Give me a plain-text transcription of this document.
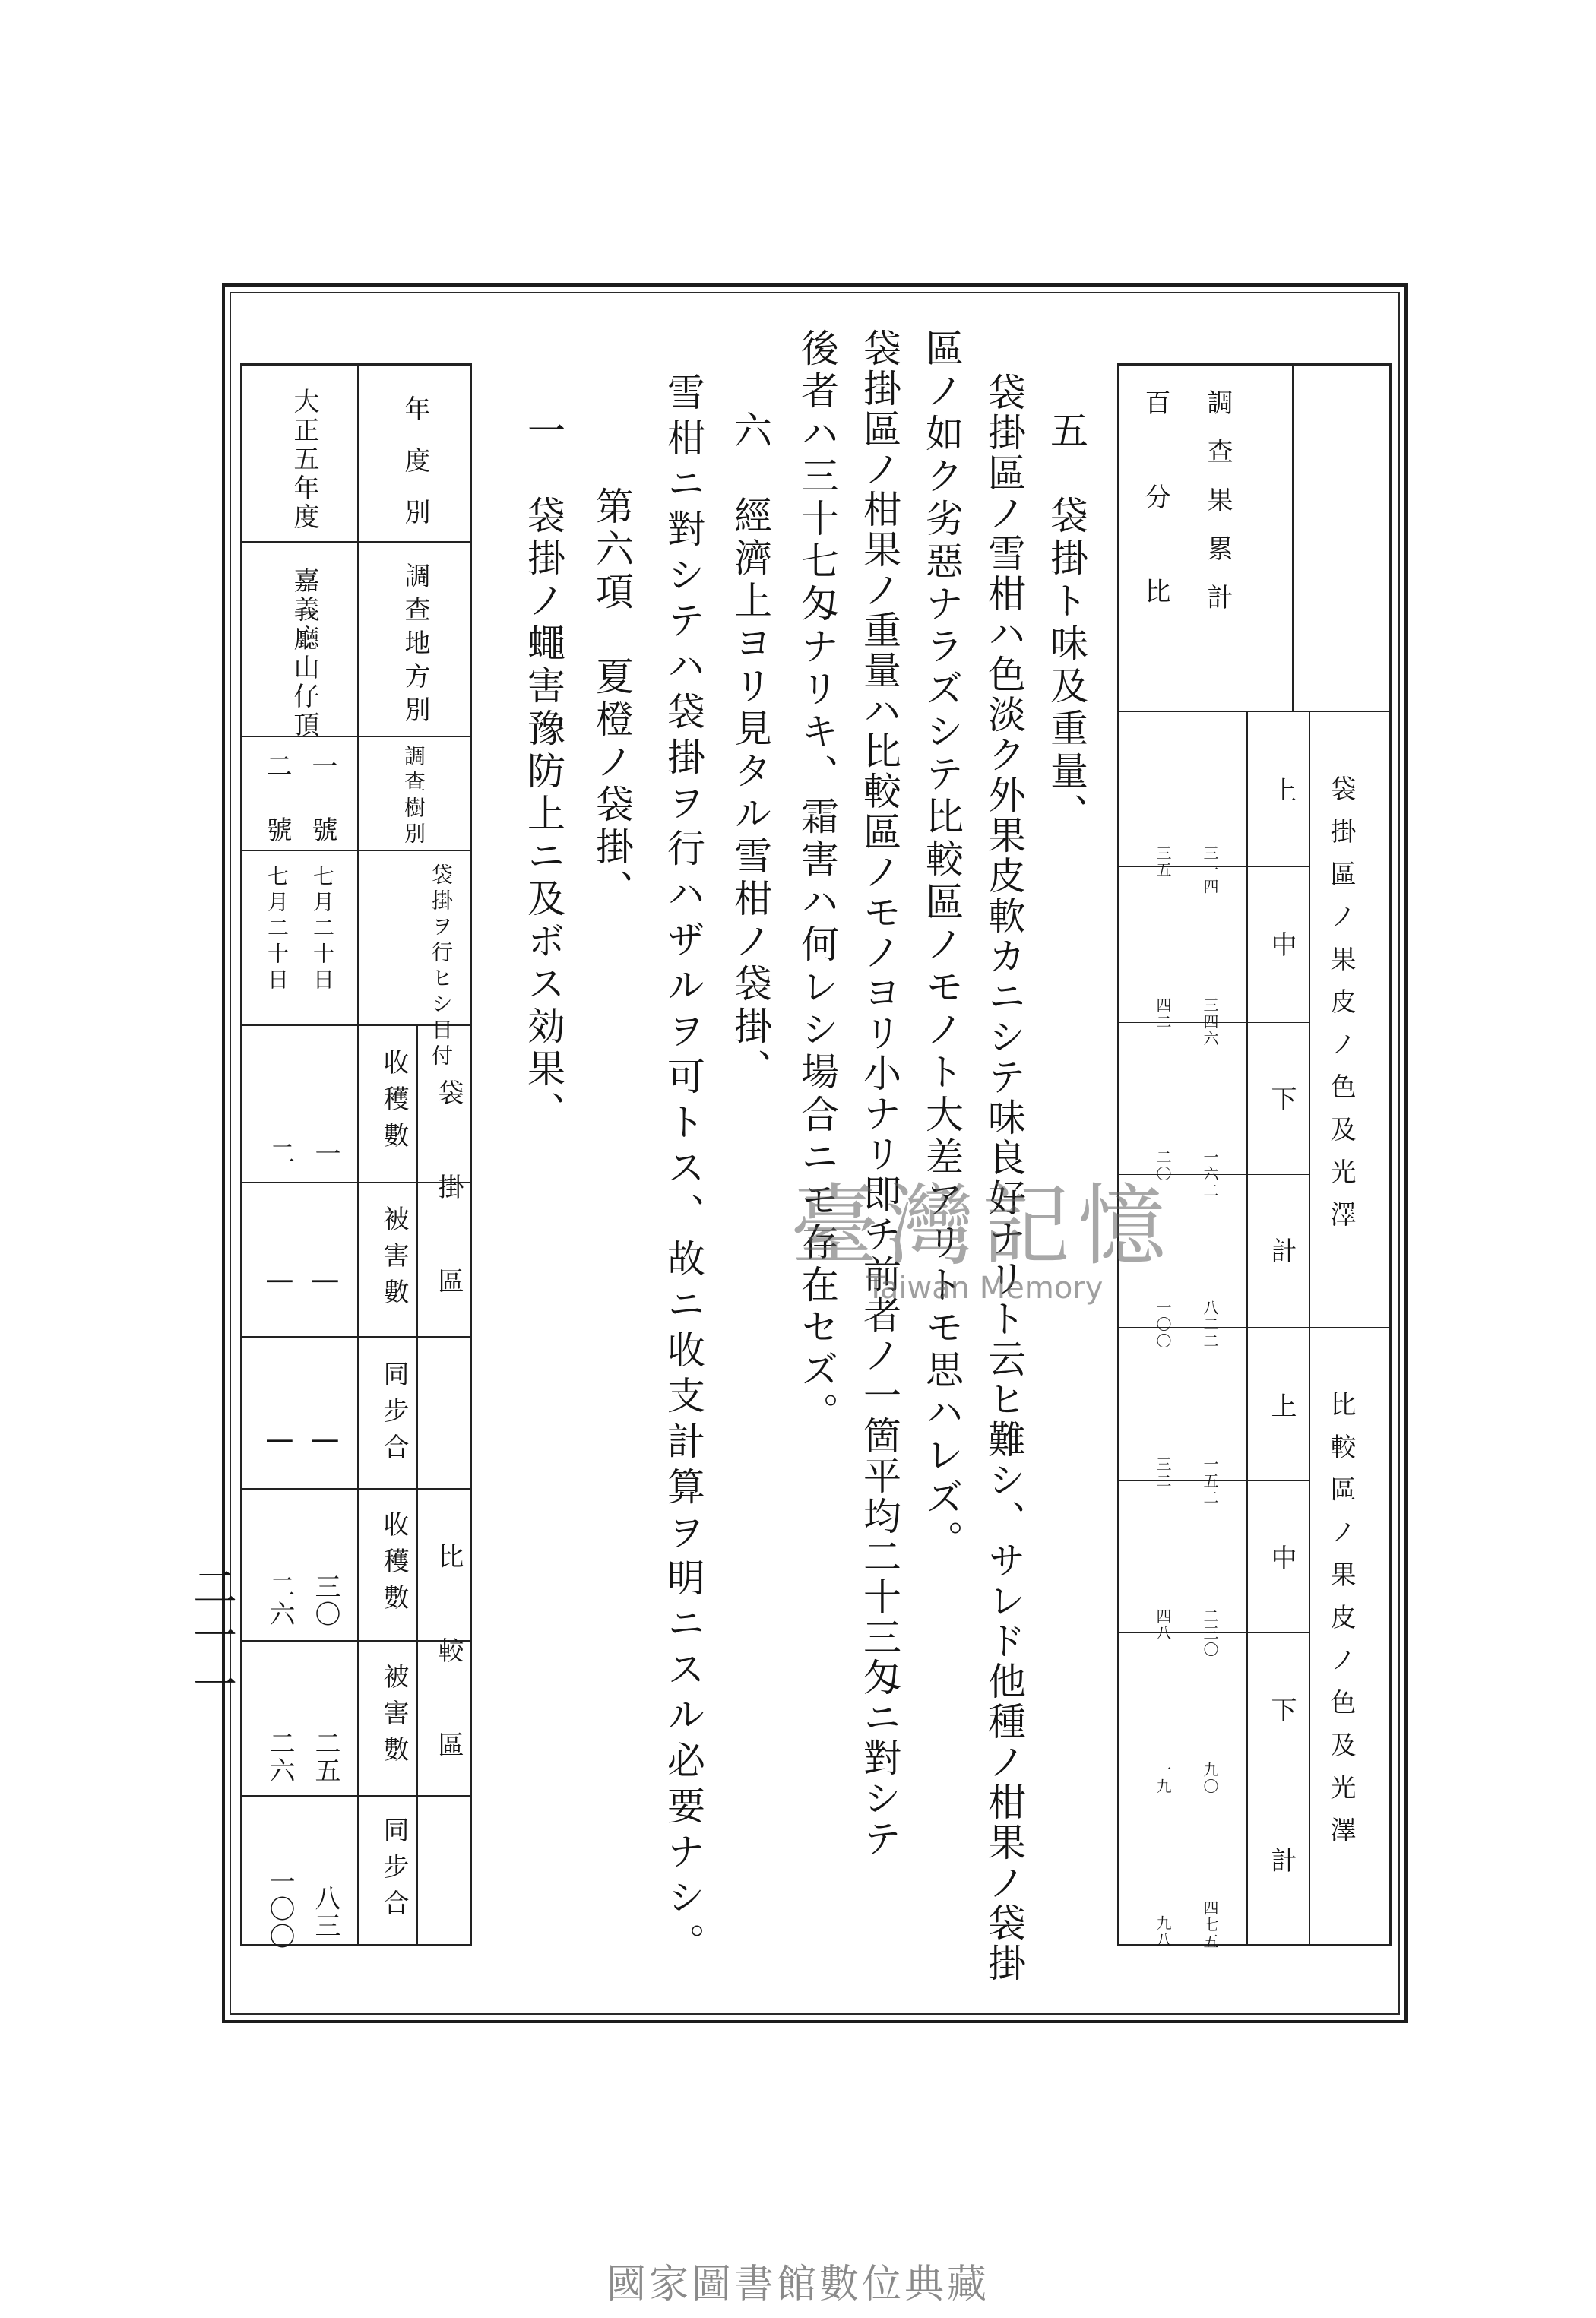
調查果累計
百分比
袋掛區ノ果皮ノ色及光澤
比較區ノ果皮ノ色及光澤
上
中
下
計
上
中
下
計
三一四
三四六
一六二
八二二
三五
四二
二〇
一〇〇
一五二
二三〇
九〇
四七五
三二
四八
一九
九八
五　袋掛ト味及重量、
袋掛區ノ雪柑ハ色淡ク外果皮軟カニシテ味良好ナリト云ヒ難シ、サレド他種ノ柑果ノ袋掛
區ノ如ク劣惡ナラズシテ比較區ノモノト大差アリトモ思ハレズ。
袋掛區ノ柑果ノ重量ハ比較區ノモノヨリ小ナリ即チ前者ノ一箇平均二十三匁ニ對シテ
後者ハ三十七匁ナリキ、霜害ハ何レシ場合ニモ存在セズ。
六　經濟上ヨリ見タル雪柑ノ袋掛、
雪柑ニ對シテハ袋掛ヲ行ハザルヲ可トス、故ニ收支計算ヲ明ニスル必要ナシ。
第六項　夏橙ノ袋掛、
一　袋掛ノ蠅害豫防上ニ及ボス効果、
年度別
調查地方別
調查樹別
袋掛ヲ行ヒシ日付
袋掛區
比較區
收穫數
被害數
同步合
收穫數
被害數
同步合
大正五年度
嘉義廳山仔頂
一號
二號
七月二十日
七月二十日
一
二
|
|
|
|
三〇
二六
二五
二六
八三
一〇〇
二一一
臺灣記憶
Taiwan Memory
國家圖書館數位典藏
